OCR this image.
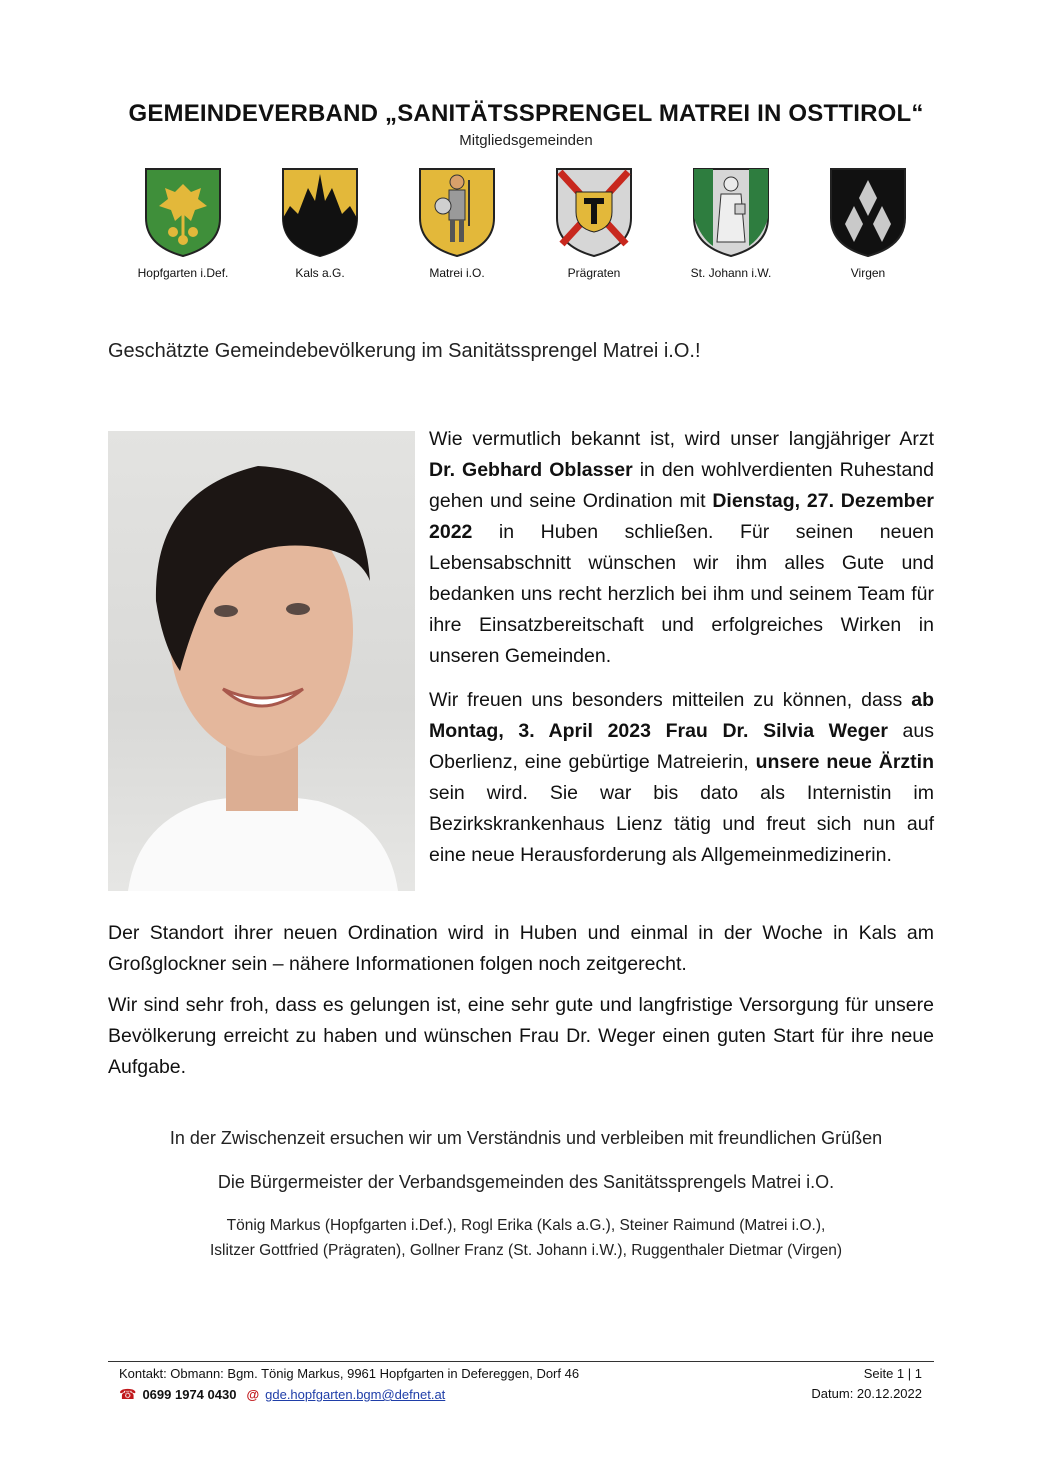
GEMEINDEVERBAND „SANITÄTSSPRENGEL MATREI IN OSTTIROL“
Mitgliedsgemeinden
Hopfgarten i.Def.	Kals a.G.	Matrei i.O.	Prägraten	St. Johann i.W.	Virgen
Geschätzte Gemeindebevölkerung im Sanitätssprengel Matrei i.O.!
Wie vermutlich bekannt ist, wird unser langjähriger Arzt Dr. Gebhard Oblasser in den wohlverdienten Ruhestand gehen und seine Ordination mit Dienstag, 27. Dezember 2022 in Huben schließen. Für seinen neuen Lebensabschnitt wünschen wir ihm alles Gute und bedanken uns recht herzlich bei ihm und seinem Team für ihre Einsatzbereitschaft und erfolgreiches Wirken in unseren Gemeinden.
Wir freuen uns besonders mitteilen zu können, dass ab Montag, 3. April 2023 Frau Dr. Silvia Weger aus Oberlienz, eine gebürtige Matreierin, unsere neue Ärztin sein wird. Sie war bis dato als Internistin im Bezirkskrankenhaus Lienz tätig und freut sich nun auf eine neue Herausforderung als Allgemeinmedizinerin.
Der Standort ihrer neuen Ordination wird in Huben und einmal in der Woche in Kals am Großglockner sein – nähere Informationen folgen noch zeitgerecht.
Wir sind sehr froh, dass es gelungen ist, eine sehr gute und langfristige Versorgung für unsere Bevölkerung erreicht zu haben und wünschen Frau Dr. Weger einen guten Start für ihre neue Aufgabe.
In der Zwischenzeit ersuchen wir um Verständnis und verbleiben mit freundlichen Grüßen
Die Bürgermeister der Verbandsgemeinden des Sanitätssprengels Matrei i.O.
Tönig Markus (Hopfgarten i.Def.), Rogl Erika (Kals a.G.), Steiner Raimund (Matrei i.O.),
Islitzer Gottfried (Prägraten), Gollner Franz (St. Johann i.W.), Ruggenthaler Dietmar (Virgen)
Kontakt: Obmann: Bgm. Tönig Markus, 9961 Hopfgarten in Defereggen, Dorf 46
☎ 0699 1974 0430 @ gde.hopfgarten.bgm@defnet.at
Seite 1 | 1
Datum: 20.12.2022
